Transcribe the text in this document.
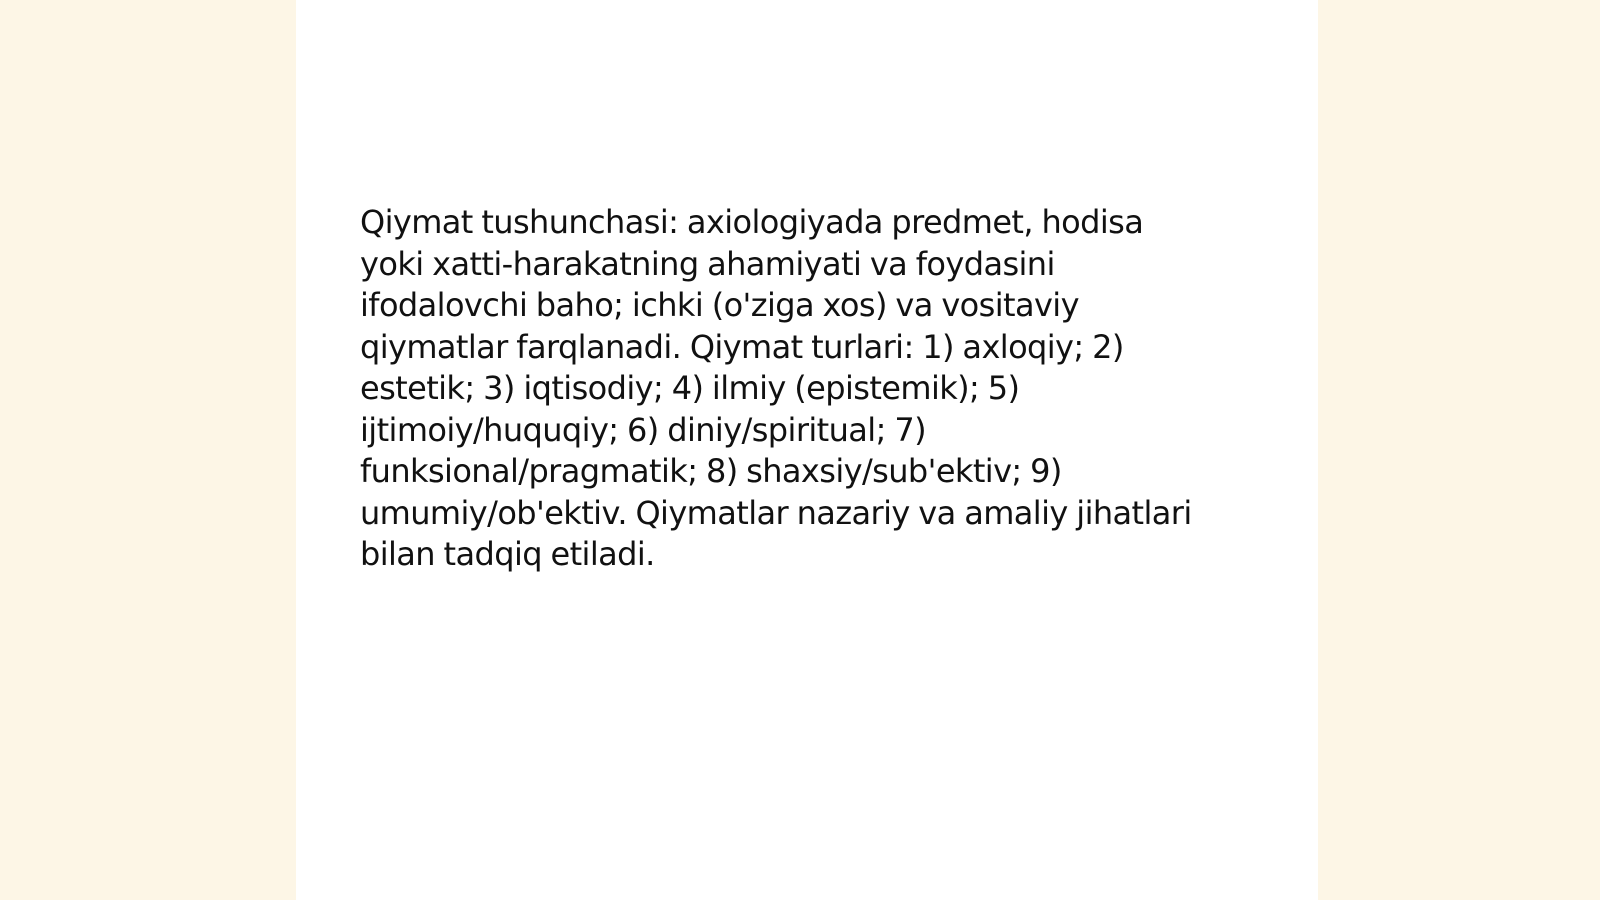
Qiymat tushunchasi: axiologiyada predmet, hodisa
yoki xatti-harakatning ahamiyati va foydasini
ifodalovchi baho; ichki (o'ziga xos) va vositaviy
qiymatlar farqlanadi. Qiymat turlari: 1) axloqiy; 2)
estetik; 3) iqtisodiy; 4) ilmiy (epistemik); 5)
ijtimoiy/huquqiy; 6) diniy/spiritual; 7)
funksional/pragmatik; 8) shaxsiy/sub'ektiv; 9)
umumiy/ob'ektiv. Qiymatlar nazariy va amaliy jihatlari
bilan tadqiq etiladi.
